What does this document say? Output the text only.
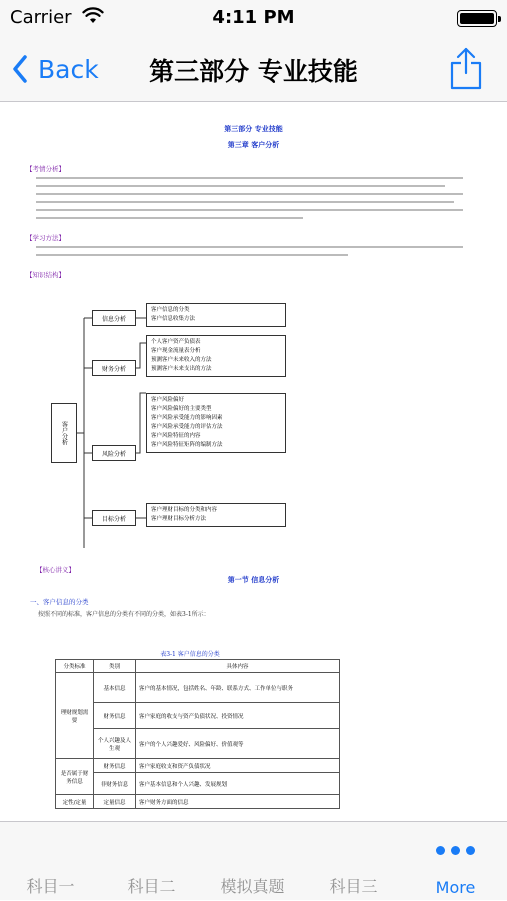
Carrier	4:11 PM
Back	第三部分 专业技能
第三部分 专业技能
第三章 客户分析
【考情分析】
【学习方法】
【知识结构】
客户分析
信息分析
财务分析
风险分析
目标分析
客户信息的分类
客户信息收集方法
个人客户资产负债表
客户现金流量表分析
预测客户未来收入的方法
预测客户未来支出的方法
客户风险偏好
客户风险偏好的主要类型
客户风险承受能力的影响因素
客户风险承受能力的评估方法
客户风险特征的内容
客户风险特征矩阵的编制方法
客户理财目标的分类和内容
客户理财目标分析方法
【核心讲义】
第一节 信息分析
一、客户信息的分类
按照不同的标准，客户信息的分类有不同的分类，如表3-1所示：
表3-1 客户信息的分类
分类标准	类别	具体内容
理财规划需要	基本信息	客户的基本情况，包括姓名、年龄、联系方式、工作单位与职务
	财务信息	客户家庭的收支与资产负债状况、投资情况
	个人兴趣及人生观	客户的个人兴趣爱好、风险偏好、价值观等
是否属于财务信息	财务信息	客户家庭收支和资产负债状况
	非财务信息	客户基本信息和个人兴趣、发展规划
定性/定量	定量信息	客户财务方面的信息
科目一	科目二	模拟真题	科目三	More
